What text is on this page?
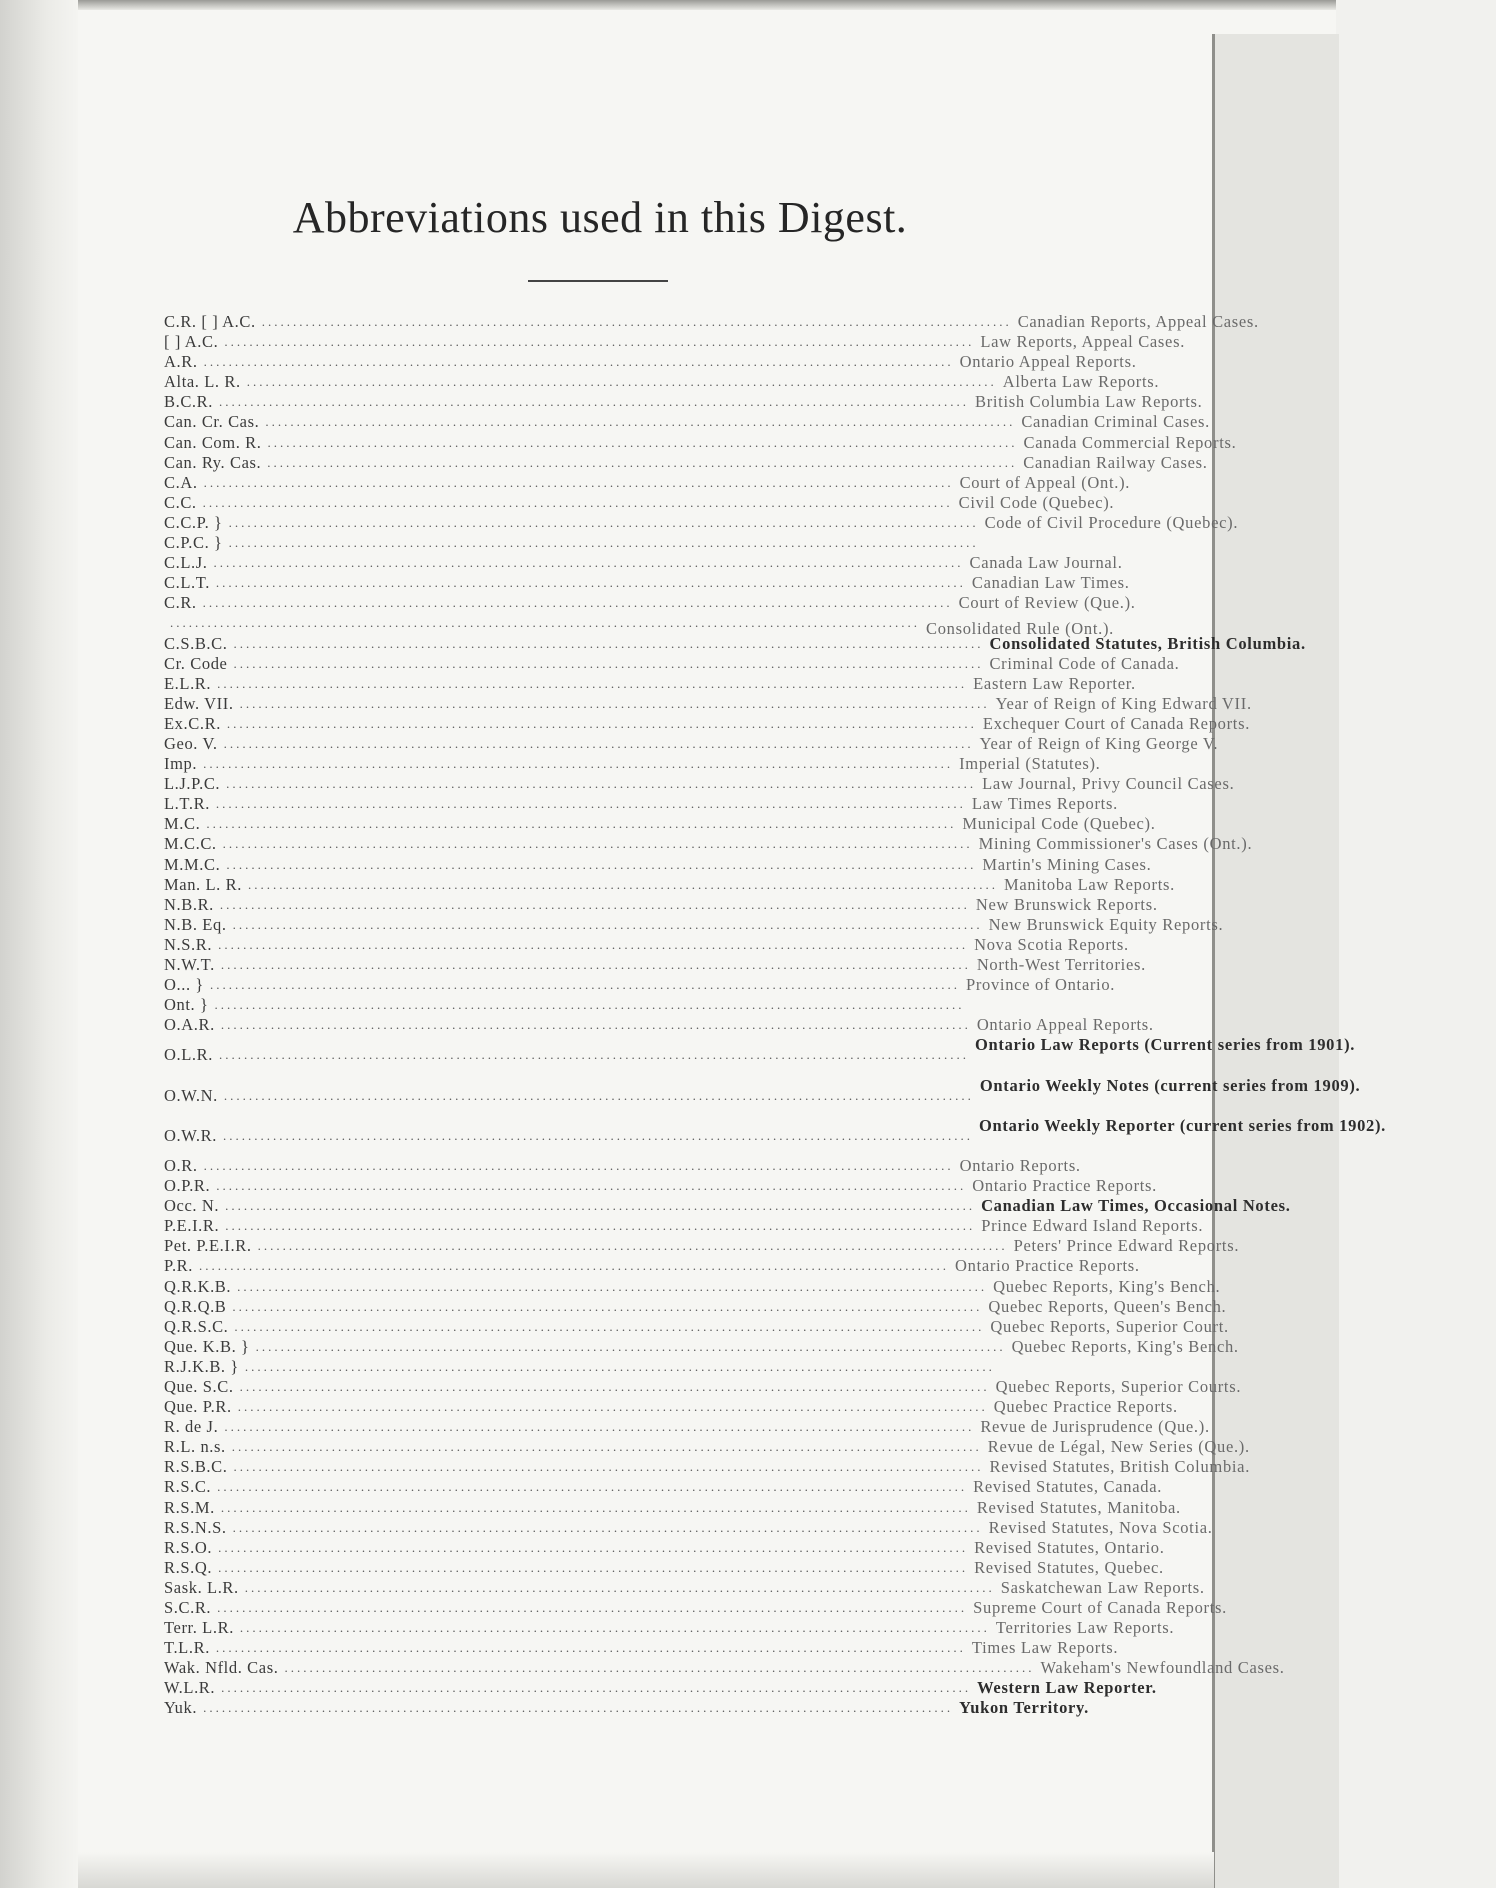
Abbreviations used in this Digest.
C.R. [ ] A.C. ........................................................................................................................ Canadian Reports, Appeal Cases.
[ ] A.C. ........................................................................................................................ Law Reports, Appeal Cases.
A.R. ........................................................................................................................ Ontario Appeal Reports.
Alta. L. R. ........................................................................................................................ Alberta Law Reports.
B.C.R. ........................................................................................................................ British Columbia Law Reports.
Can. Cr. Cas. ........................................................................................................................ Canadian Criminal Cases.
Can. Com. R. ........................................................................................................................ Canada Commercial Reports.
Can. Ry. Cas. ........................................................................................................................ Canadian Railway Cases.
C.A. ........................................................................................................................ Court of Appeal (Ont.).
C.C. ........................................................................................................................ Civil Code (Quebec).
C.C.P. } ........................................................................................................................ Code of Civil Procedure (Quebec).
C.P.C. } ........................................................................................................................
C.L.J. ........................................................................................................................ Canada Law Journal.
C.L.T. ........................................................................................................................ Canadian Law Times.
C.R. ........................................................................................................................ Court of Review (Que.).
........................................................................................................................ Consolidated Rule (Ont.).
C.S.B.C. ........................................................................................................................ Consolidated Statutes, British Columbia.
Cr. Code ........................................................................................................................ Criminal Code of Canada.
E.L.R. ........................................................................................................................ Eastern Law Reporter.
Edw. VII. ........................................................................................................................ Year of Reign of King Edward VII.
Ex.C.R. ........................................................................................................................ Exchequer Court of Canada Reports.
Geo. V. ........................................................................................................................ Year of Reign of King George V.
Imp. ........................................................................................................................ Imperial (Statutes).
L.J.P.C. ........................................................................................................................ Law Journal, Privy Council Cases.
L.T.R. ........................................................................................................................ Law Times Reports.
M.C. ........................................................................................................................ Municipal Code (Quebec).
M.C.C. ........................................................................................................................ Mining Commissioner's Cases (Ont.).
M.M.C. ........................................................................................................................ Martin's Mining Cases.
Man. L. R. ........................................................................................................................ Manitoba Law Reports.
N.B.R. ........................................................................................................................ New Brunswick Reports.
N.B. Eq. ........................................................................................................................ New Brunswick Equity Reports.
N.S.R. ........................................................................................................................ Nova Scotia Reports.
N.W.T. ........................................................................................................................ North-West Territories.
O... } ........................................................................................................................ Province of Ontario.
Ont. } ........................................................................................................................
O.A.R. ........................................................................................................................ Ontario Appeal Reports.
O.L.R. ........................................................................................................................
Ontario Law Reports (Current series from 1901).
O.W.N. ........................................................................................................................
Ontario Weekly Notes (current series from 1909).
O.W.R. ........................................................................................................................
Ontario Weekly Reporter (current series from 1902).
O.R. ........................................................................................................................ Ontario Reports.
O.P.R. ........................................................................................................................ Ontario Practice Reports.
Occ. N. ........................................................................................................................ Canadian Law Times, Occasional Notes.
P.E.I.R. ........................................................................................................................ Prince Edward Island Reports.
Pet. P.E.I.R. ........................................................................................................................ Peters' Prince Edward Reports.
P.R. ........................................................................................................................ Ontario Practice Reports.
Q.R.K.B. ........................................................................................................................ Quebec Reports, King's Bench.
Q.R.Q.B ........................................................................................................................ Quebec Reports, Queen's Bench.
Q.R.S.C. ........................................................................................................................ Quebec Reports, Superior Court.
Que. K.B. } ........................................................................................................................ Quebec Reports, King's Bench.
R.J.K.B. } ........................................................................................................................
Que. S.C. ........................................................................................................................ Quebec Reports, Superior Courts.
Que. P.R. ........................................................................................................................ Quebec Practice Reports.
R. de J. ........................................................................................................................ Revue de Jurisprudence (Que.).
R.L. n.s. ........................................................................................................................ Revue de Légal, New Series (Que.).
R.S.B.C. ........................................................................................................................ Revised Statutes, British Columbia.
R.S.C. ........................................................................................................................ Revised Statutes, Canada.
R.S.M. ........................................................................................................................ Revised Statutes, Manitoba.
R.S.N.S. ........................................................................................................................ Revised Statutes, Nova Scotia.
R.S.O. ........................................................................................................................ Revised Statutes, Ontario.
R.S.Q. ........................................................................................................................ Revised Statutes, Quebec.
Sask. L.R. ........................................................................................................................ Saskatchewan Law Reports.
S.C.R. ........................................................................................................................ Supreme Court of Canada Reports.
Terr. L.R. ........................................................................................................................ Territories Law Reports.
T.L.R. ........................................................................................................................ Times Law Reports.
Wak. Nfld. Cas. ........................................................................................................................ Wakeham's Newfoundland Cases.
W.L.R. ........................................................................................................................ Western Law Reporter.
Yuk. ........................................................................................................................ Yukon Territory.
